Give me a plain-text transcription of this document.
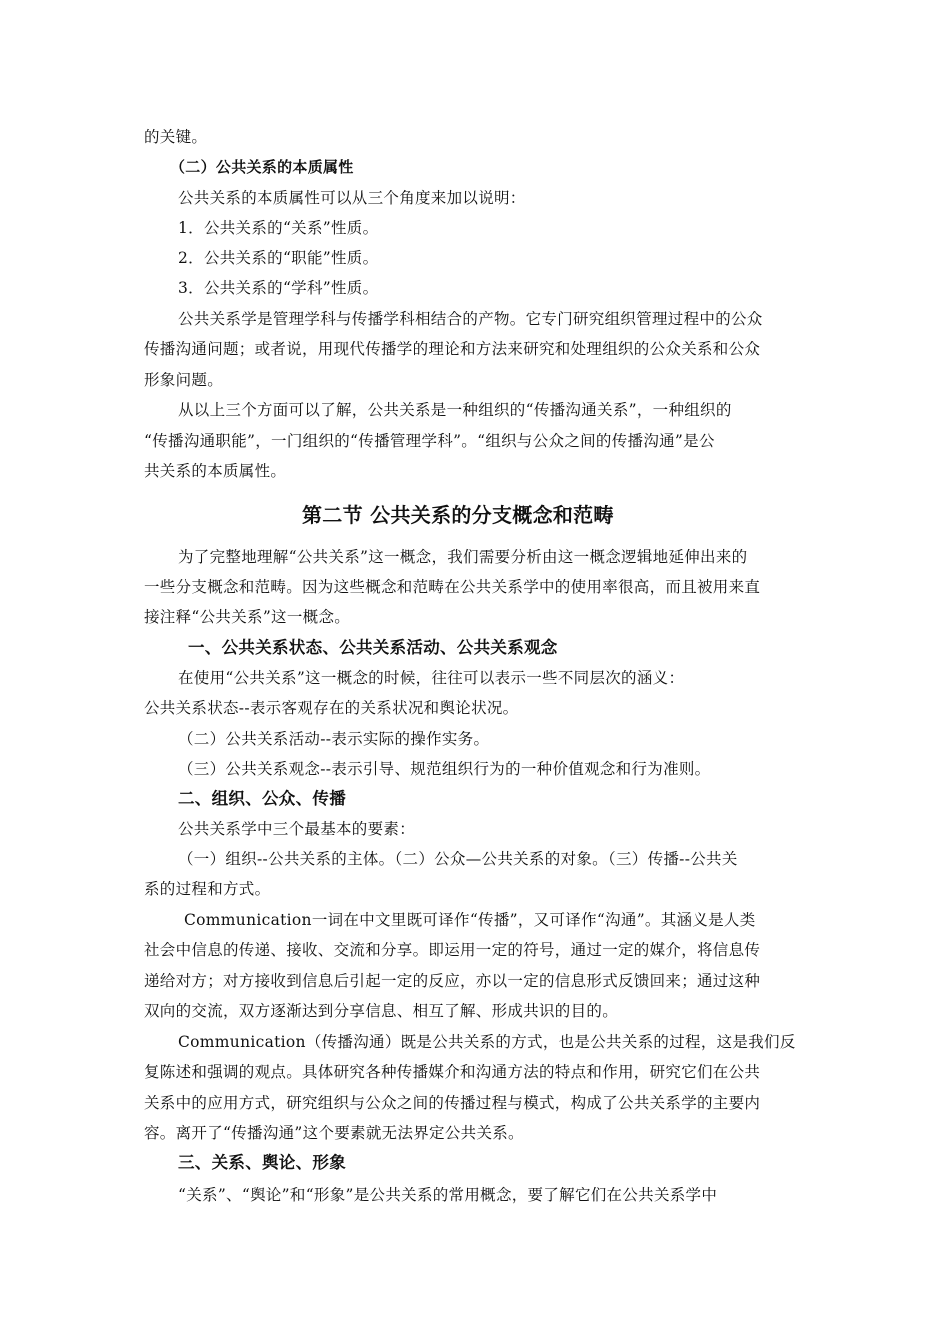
的关键。
（二）公共关系的本质属性
公共关系的本质属性可以从三个角度来加以说明：
1．公共关系的“关系”性质。
2．公共关系的“职能”性质。
3．公共关系的“学科”性质。
公共关系学是管理学科与传播学科相结合的产物。它专门研究组织管理过程中的公众
传播沟通问题；或者说，用现代传播学的理论和方法来研究和处理组织的公众关系和公众
形象问题。
从以上三个方面可以了解，公共关系是一种组织的“传播沟通关系”，一种组织的
“传播沟通职能”，一门组织的“传播管理学科”。“组织与公众之间的传播沟通”是公
共关系的本质属性。
第二节 公共关系的分支概念和范畴
为了完整地理解“公共关系”这一概念，我们需要分析由这一概念逻辑地延伸出来的
一些分支概念和范畴。因为这些概念和范畴在公共关系学中的使用率很高，而且被用来直
接注释“公共关系”这一概念。
一、公共关系状态、公共关系活动、公共关系观念
在使用“公共关系”这一概念的时候，往往可以表示一些不同层次的涵义：
公共关系状态--表示客观存在的关系状况和舆论状况。
（二）公共关系活动--表示实际的操作实务。
（三）公共关系观念--表示引导、规范组织行为的一种价值观念和行为准则。
二、组织、公众、传播
公共关系学中三个最基本的要素：
（一）组织--公共关系的主体。（二）公众—公共关系的对象。（三）传播--公共关
系的过程和方式。
Communication一词在中文里既可译作“传播”，又可译作“沟通”。其涵义是人类
社会中信息的传递、接收、交流和分享。即运用一定的符号，通过一定的媒介，将信息传
递给对方；对方接收到信息后引起一定的反应，亦以一定的信息形式反馈回来；通过这种
双向的交流，双方逐渐达到分享信息、相互了解、形成共识的目的。
Communication（传播沟通）既是公共关系的方式，也是公共关系的过程，这是我们反
复陈述和强调的观点。具体研究各种传播媒介和沟通方法的特点和作用，研究它们在公共
关系中的应用方式，研究组织与公众之间的传播过程与模式，构成了公共关系学的主要内
容。离开了“传播沟通”这个要素就无法界定公共关系。
三、关系、舆论、形象
“关系”、“舆论”和“形象”是公共关系的常用概念，要了解它们在公共关系学中
